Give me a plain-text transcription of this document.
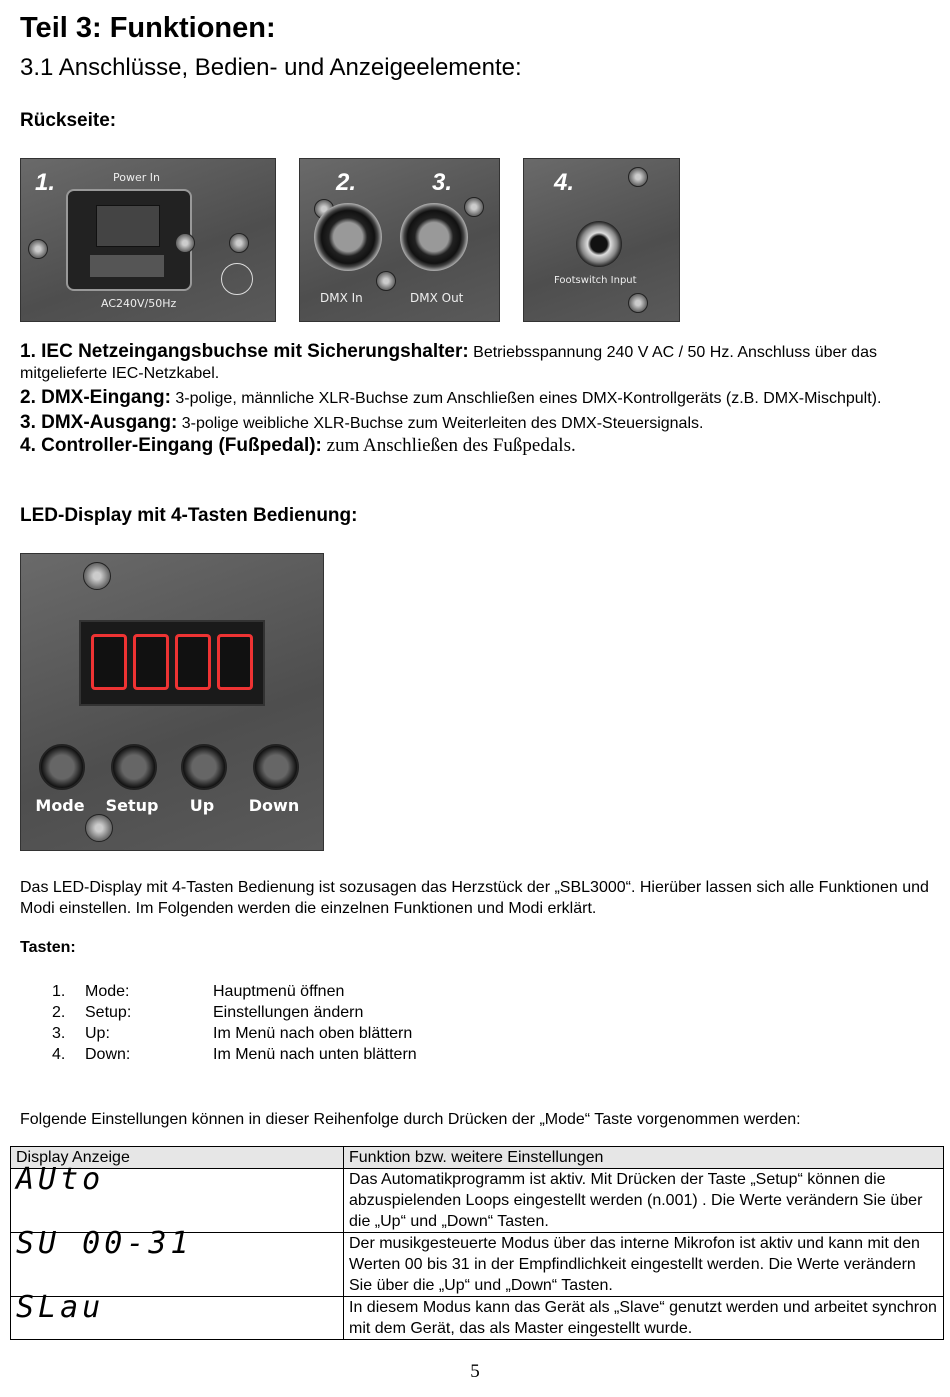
Teil 3: Funktionen:
3.1 Anschlüsse, Bedien- und Anzeigeelemente:
Rückseite:
1.	Power In
AC240V/50Hz
2.	3.
DMX In	DMX Out
4.
Footswitch Input
1. IEC Netzeingangsbuchse mit Sicherungshalter: Betriebsspannung 240 V AC / 50 Hz. Anschluss über das mitgelieferte IEC-Netzkabel.
2. DMX-Eingang: 3-polige, männliche XLR-Buchse zum Anschließen eines DMX-Kontrollgeräts (z.B. DMX-Mischpult).
3. DMX-Ausgang: 3-polige weibliche XLR-Buchse zum Weiterleiten des DMX-Steuersignals.
4. Controller-Eingang (Fußpedal): zum Anschließen des Fußpedals.
LED-Display mit 4-Tasten Bedienung:
Mode	Setup	Up	Down
Das LED-Display mit 4-Tasten Bedienung ist sozusagen das Herzstück der „SBL3000“. Hierüber lassen sich alle Funktionen und Modi einstellen. Im Folgenden werden die einzelnen Funktionen und Modi erklärt.
Tasten:
1.	Mode:	Hauptmenü öffnen
2.	Setup:	Einstellungen ändern
3.	Up:	Im Menü nach oben blättern
4.	Down:	Im Menü nach unten blättern
Folgende Einstellungen können in dieser Reihenfolge durch Drücken der „Mode“ Taste vorgenommen werden:
Display Anzeige	Funktion bzw. weitere Einstellungen
AUto	Das Automatikprogramm ist aktiv. Mit Drücken der Taste „Setup“ können die abzuspielenden Loops eingestellt werden (n.001) . Die Werte verändern Sie über die „Up“ und „Down“ Tasten.
SU 00-31	Der musikgesteuerte Modus über das interne Mikrofon ist aktiv und kann mit den Werten 00 bis 31 in der Empfindlichkeit eingestellt werden. Die Werte verändern Sie über die „Up“ und „Down“ Tasten.
SLau	In diesem Modus kann das Gerät als „Slave“ genutzt werden und arbeitet synchron mit dem Gerät, das als Master eingestellt wurde.
5
